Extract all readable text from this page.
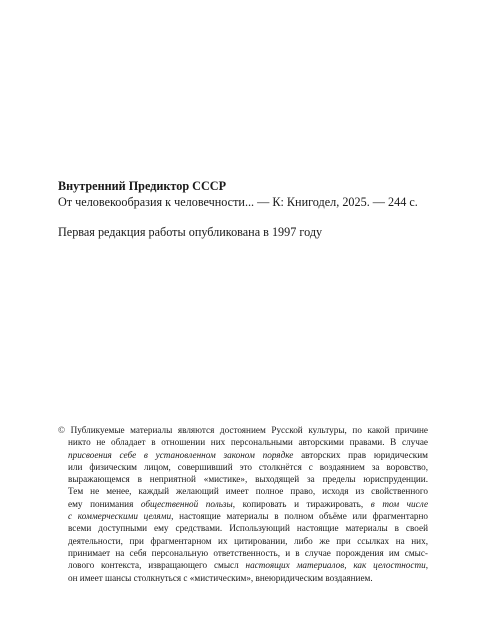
Внутренний Предиктор СССР

От человекообразия к человечности... — К: Книгодел, 2025. — 244 с.

Первая редакция работы опубликована в 1997 году

© Публикуемые материалы являются достоянием Русской культуры, по какой причине
никто не обладает в отношении них персональными авторскими правами. В случае
присвоения себе в установленном законом порядке авторских прав юридическим
или физическим лицом, совершивший это столкнётся с воздаянием за воровство,
выражающемся в неприятной «мистике», выходящей за пределы юриспруденции.
Тем не менее, каждый желающий имеет полное право, исходя из свойственного
ему понимания общественной пользы, копировать и тиражировать, в том числе
с коммерческими целями, настоящие материалы в полном объёме или фрагментарно
всеми доступными ему средствами. Использующий настоящие материалы в своей
деятельности, при фрагментарном их цитировании, либо же при ссылках на них,
принимает на себя персональную ответственность, и в случае порождения им смыс-
лового контекста, извращающего смысл настоящих материалов, как целостности,
он имеет шансы столкнуться с «мистическим», внеюридическим воздаянием.
